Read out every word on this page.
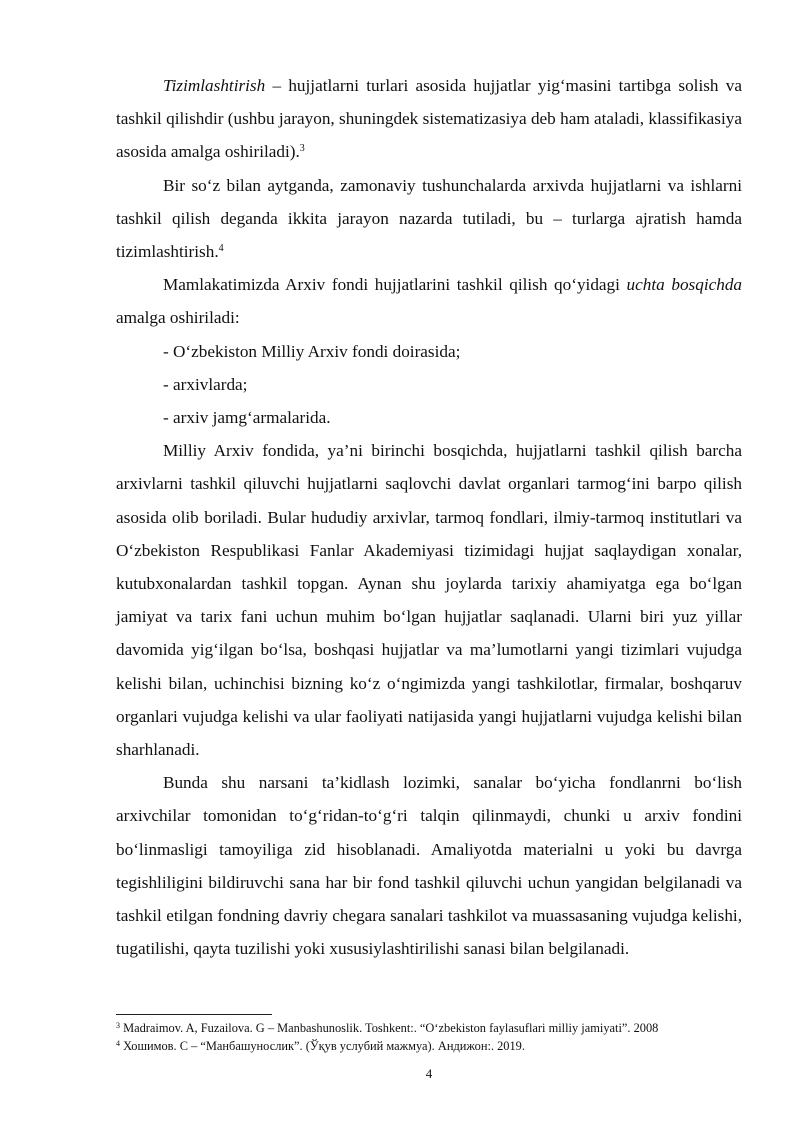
Tizimlashtirish – hujjatlarni turlari asosida hujjatlar yig‘masini tartibga solish va tashkil qilishdir (ushbu jarayon, shuningdek sistematizasiya deb ham ataladi, klassifikasiya asosida amalga oshiriladi).$^3$

Bir so‘z bilan aytganda, zamonaviy tushunchalarda arxivda hujjatlarni va ishlarni tashkil qilish deganda ikkita jarayon nazarda tutiladi, bu – turlarga ajratish hamda tizimlashtirish.$^4$

Mamlakatimizda Arxiv fondi hujjatlarini tashkil qilish qo‘yidagi uchta bosqichda amalga oshiriladi:

- O‘zbekiston Milliy Arxiv fondi doirasida;

- arxivlarda;

- arxiv jamg‘armalarida.

Milliy Arxiv fondida, ya’ni birinchi bosqichda, hujjatlarni tashkil qilish barcha arxivlarni tashkil qiluvchi hujjatlarni saqlovchi davlat organlari tarmog‘ini barpo qilish asosida olib boriladi. Bular hududiy arxivlar, tarmoq fondlari, ilmiy-tarmoq institutlari va O‘zbekiston Respublikasi Fanlar Akademiyasi tizimidagi hujjat saqlaydigan xonalar, kutubxonalardan tashkil topgan. Aynan shu joylarda tarixiy ahamiyatga ega bo‘lgan jamiyat va tarix fani uchun muhim bo‘lgan hujjatlar saqlanadi. Ularni biri yuz yillar davomida yig‘ilgan bo‘lsa, boshqasi hujjatlar va ma’lumotlarni yangi tizimlari vujudga kelishi bilan, uchinchisi bizning ko‘z o‘ngimizda yangi tashkilotlar, firmalar, boshqaruv organlari vujudga kelishi va ular faoliyati natijasida yangi hujjatlarni vujudga kelishi bilan sharhlanadi.

Bunda shu narsani ta’kidlash lozimki, sanalar bo‘yicha fondlanrni bo‘lish arxivchilar tomonidan to‘g‘ridan-to‘g‘ri talqin qilinmaydi, chunki u arxiv fondini bo‘linmasligi tamoyiliga zid hisoblanadi. Amaliyotda materialni u yoki bu davrga tegishliligini bildiruvchi sana har bir fond tashkil qiluvchi uchun yangidan belgilanadi va tashkil etilgan fondning davriy chegara sanalari tashkilot va muassasaning vujudga kelishi, tugatilishi, qayta tuzilishi yoki xususiylashtirilishi sanasi bilan belgilanadi.

$^3$ Madraimov. A, Fuzailova. G – Manbashunoslik. Toshkent:. “O‘zbekiston faylasuflari milliy jamiyati”. 2008

$^4$ Хошимов. С – “Манбашунослик”. (Ўқув услубий мажмуа). Андижон:. 2019.

4
